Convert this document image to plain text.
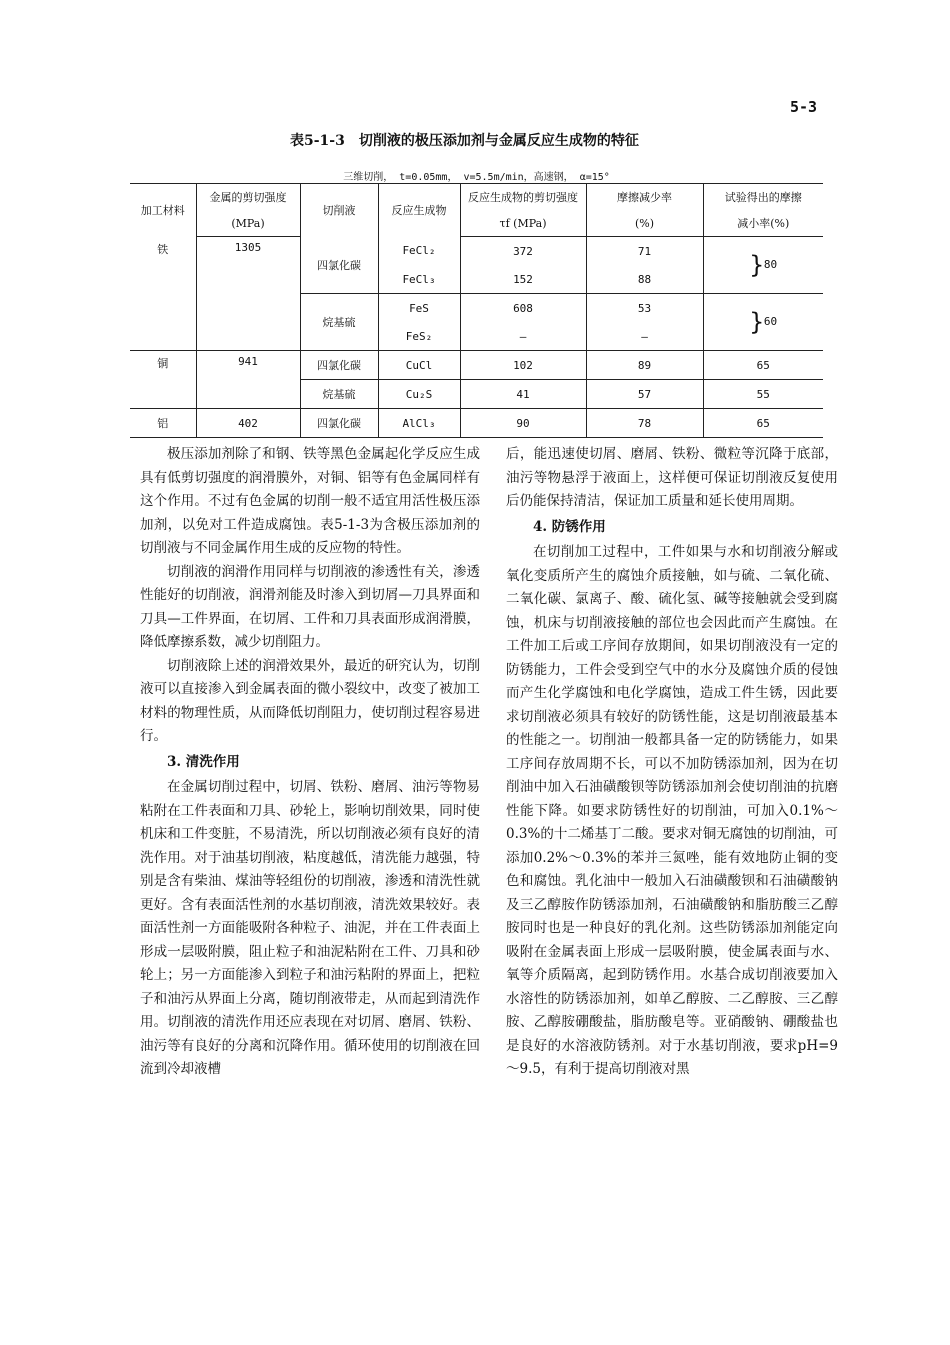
5-3
表5-1-3　切削液的极压添加剂与金属反应生成物的特征
三维切削， t=0.05mm， v=5.5m/min，高速钢， α=15°						
加工材料	金属的剪切强度	切削液	反应生成物	反应生成物的剪切强度	摩擦减少率	试验得出的摩擦
	(MPa)			τf (MPa)	(%)	减小率(%)
铁	1305	四氯化碳	FeCl₂	372	71	}80
			FeCl₃	152	88	
		烷基硫	FeS	608	53	}60
			FeS₂	—	—	
铜	941	四氯化碳	CuCl	102	89	65
		烷基硫	Cu₂S	41	57	55
铝	402	四氯化碳	AlCl₃	90	78	65

极压添加剂除了和钢、铁等黑色金属起化学反应生成具有低剪切强度的润滑膜外，对铜、铝等有色金属同样有这个作用。不过有色金属的切削一般不适宜用活性极压添加剂，以免对工件造成腐蚀。表5-1-3为含极压添加剂的切削液与不同金属作用生成的反应物的特性。

切削液的润滑作用同样与切削液的渗透性有关，渗透性能好的切削液，润滑剂能及时渗入到切屑—刀具界面和刀具—工件界面，在切屑、工件和刀具表面形成润滑膜，降低摩擦系数，减少切削阻力。

切削液除上述的润滑效果外，最近的研究认为，切削液可以直接渗入到金属表面的微小裂纹中，改变了被加工材料的物理性质，从而降低切削阻力，使切削过程容易进行。

3. 清洗作用

在金属切削过程中，切屑、铁粉、磨屑、油污等物易粘附在工件表面和刀具、砂轮上，影响切削效果，同时使机床和工件变脏，不易清洗，所以切削液必须有良好的清洗作用。对于油基切削液，粘度越低，清洗能力越强，特别是含有柴油、煤油等轻组份的切削液，渗透和清洗性就更好。含有表面活性剂的水基切削液，清洗效果较好。表面活性剂一方面能吸附各种粒子、油泥，并在工件表面上形成一层吸附膜，阻止粒子和油泥粘附在工件、刀具和砂轮上；另一方面能渗入到粒子和油污粘附的界面上，把粒子和油污从界面上分离，随切削液带走，从而起到清洗作用。切削液的清洗作用还应表现在对切屑、磨屑、铁粉、油污等有良好的分离和沉降作用。循环使用的切削液在回流到冷却液槽

后，能迅速使切屑、磨屑、铁粉、微粒等沉降于底部，油污等物悬浮于液面上，这样便可保证切削液反复使用后仍能保持清洁，保证加工质量和延长使用周期。

4. 防锈作用

在切削加工过程中，工件如果与水和切削液分解或氧化变质所产生的腐蚀介质接触，如与硫、二氧化硫、二氧化碳、氯离子、酸、硫化氢、碱等接触就会受到腐蚀，机床与切削液接触的部位也会因此而产生腐蚀。在工件加工后或工序间存放期间，如果切削液没有一定的防锈能力，工件会受到空气中的水分及腐蚀介质的侵蚀而产生化学腐蚀和电化学腐蚀，造成工件生锈，因此要求切削液必须具有较好的防锈性能，这是切削液最基本的性能之一。切削油一般都具备一定的防锈能力，如果工序间存放周期不长，可以不加防锈添加剂，因为在切削油中加入石油磺酸钡等防锈添加剂会使切削油的抗磨性能下降。如要求防锈性好的切削油，可加入0.1%～0.3%的十二烯基丁二酸。要求对铜无腐蚀的切削油，可添加0.2%～0.3%的苯并三氮唑，能有效地防止铜的变色和腐蚀。乳化油中一般加入石油磺酸钡和石油磺酸钠及三乙醇胺作防锈添加剂，石油磺酸钠和脂肪酸三乙醇胺同时也是一种良好的乳化剂。这些防锈添加剂能定向吸附在金属表面上形成一层吸附膜，使金属表面与水、氧等介质隔离，起到防锈作用。水基合成切削液要加入水溶性的防锈添加剂，如单乙醇胺、二乙醇胺、三乙醇胺、乙醇胺硼酸盐，脂肪酸皂等。亚硝酸钠、硼酸盐也是良好的水溶液防锈剂。对于水基切削液，要求pH=9～9.5，有利于提高切削液对黑
